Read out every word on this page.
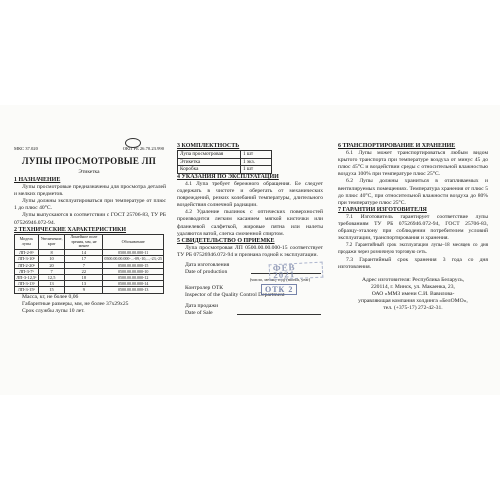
МКС 37.020	ОКП РБ 26.70.23.990
ЛУПЫ ПРОСМОТРОВЫЕ ЛП
Этикетка

1 НАЗНАЧЕНИЕ

Лупы просмотровые предназначены для просмотра деталей и мелких предметов.

Лупы должны эксплуатироваться при температуре от плюс 1 до плюс 40°С.

Лупы выпускаются в соответствии с ГОСТ 25706-83, ТУ РБ 07526946.072-94.

2 ТЕХНИЧЕСКИЕ ХАРАКТЕРИСТИКИ

Модель лупы	Увеличение, крат	Линейное поле зрения, мм, не менее	Обозначение
ЛП-2-8ˣ	8	14	0500.00.00.000-11
ЛП-3-10ˣ	10	17	0500.00.00.000-...-09,-10,...,-23,-25
ЛП-2-20ˣ	20	7	0500.00.00.000-15
ЛП-3-7ˣ	7	22	0500.00.00.000-10
ЛП-3-12,5ˣ	12,5	18	0500.00.00.000-12
ЛП-3-13ˣ	13	13	0500.00.00.000-14
ЛП-3-15ˣ	15	9	0500.00.00.000-13

Масса, кг, не более 0,06

Габаритные размеры, мм, не более 37х29х25

Срок службы лупы 10 лет.

3 КОМПЛЕКТНОСТЬ

Лупа просмотровая	1 шт
Этикетка	1 экз.
Коробка	1 шт

4 УКАЗАНИЯ ПО ЭКСПЛУАТАЦИИ

4.1 Лупа требует бережного обращения. Ее следует содержать в чистоте и оберегать от механических повреждений, резких колебаний температуры, длительного воздействия солнечной радиации.

4.2 Удаление пылинок с оптических поверхностей производится легким касанием мягкой кисточки или фланелевой салфеткой, жировые пятна или налеты удаляются ватой, слегка смоченной спиртом.

5 СВИДЕТЕЛЬСТВО О ПРИЕМКЕ

Лупа просмотровая ЛП 0500.00.00.000-15 соответствует ТУ РБ 07526946.072-94 и признана годной к эксплуатации.

Дата изготовления
Date of production	ФЕВ 2021
(число, месяц, год) (month, year)
Контролер ОТК
Inspector of the Quality Control Department
ОТК 2
Дата продажи
Date of Sale

6 ТРАНСПОРТИРОВАНИЕ И ХРАНЕНИЕ

6.1 Лупы может транспортироваться любым видом крытого транспорта при температуре воздуха от минус 45 до плюс 45°С и воздействии среды с относительной влажностью воздуха 100% при температуре плюс 25°С.

6.2 Лупы должны храниться в отапливаемых и вентилируемых помещениях. Температура хранения от плюс 5 до плюс 40°С, при относительной влажности воздуха до 80% при температуре плюс 25°С.

7 ГАРАНТИИ ИЗГОТОВИТЕЛЯ

7.1 Изготовитель гарантирует соответствие лупы требованиям ТУ РБ 07526946.072-94, ГОСТ 25706-83, образцу-эталону при соблюдении потребителем условий эксплуатации, транспортирования и хранения.

7.2 Гарантийный срок эксплуатации лупы–18 месяцев со дня продажи через розничную торговую сеть.

7.3 Гарантийный срок хранения 3 года со дня изготовления.

Адрес изготовителя: Республика Беларусь,
220114, г. Минск, ул. Макаенка, 23,
ОАО «ММЗ имени С.И. Вавилова-
управляющая компания холдинга «БелОМО»,
тел. (+375-17) 272-42-31.
